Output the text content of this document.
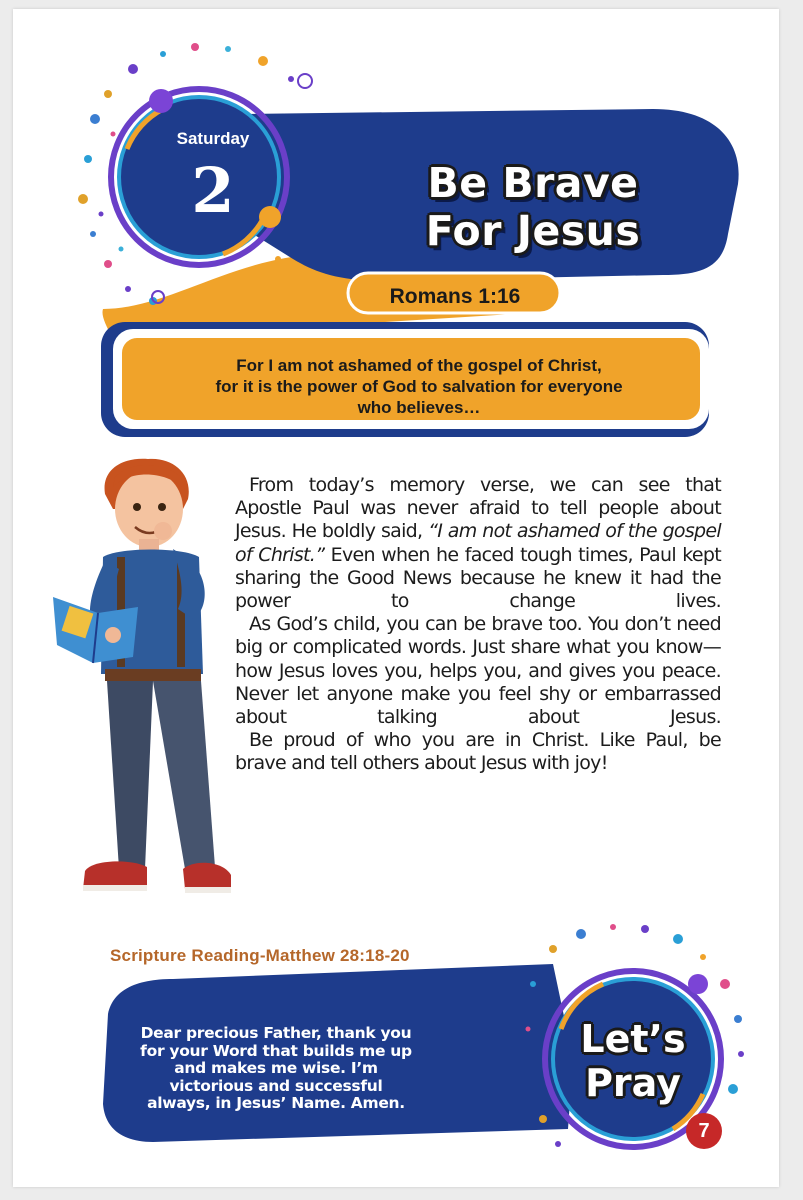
Saturday
2	Be Brave
For Jesus
Romans 1:16
For I am not ashamed of the gospel of Christ,
for it is the power of God to salvation for everyone
who believes…

From today’s memory verse, we can see that Apostle Paul was never afraid to tell people about Jesus. He boldly said, “I am not ashamed of the gospel of Christ.” Even when he faced tough times, Paul kept sharing the Good News because he knew it had the power to change lives.

As God’s child, you can be brave too. You don’t need big or complicated words. Just share what you know—how Jesus loves you, helps you, and gives you peace. Never let anyone make you feel shy or embarrassed about talking about Jesus.

Be proud of who you are in Christ. Like Paul, be brave and tell others about Jesus with joy!

Scripture Reading-Matthew 28:18-20
Dear precious Father, thank you for your Word that builds me up and makes me wise. I’m victorious and successful always, in Jesus’ Name. Amen.
Let’s
Pray
7
